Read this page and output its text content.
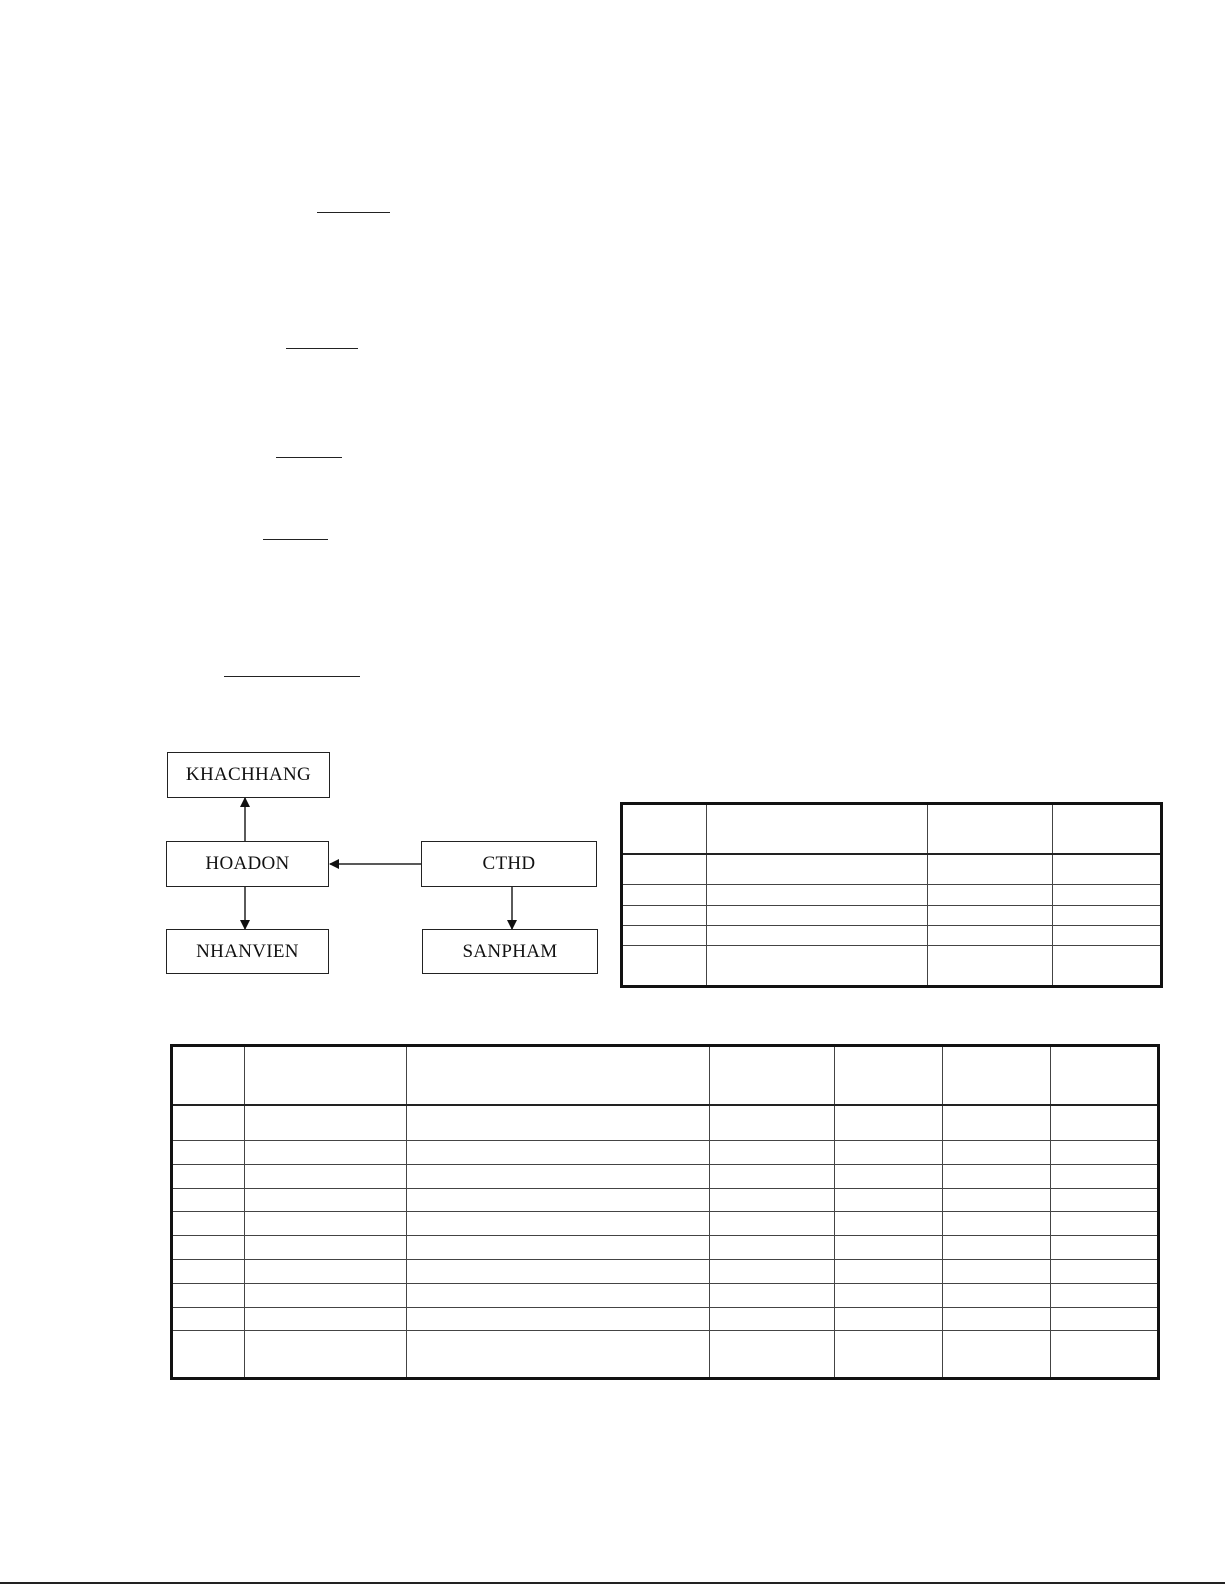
KHACHHANG
HOADON	CTHD
NHANVIEN	SANPHAM
